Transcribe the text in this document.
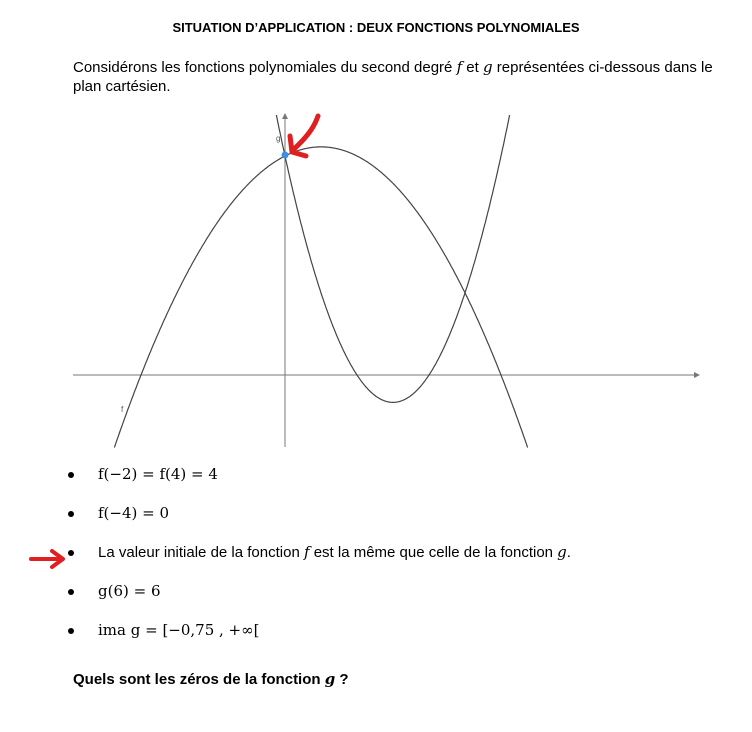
SITUATION D’APPLICATION : DEUX FONCTIONS POLYNOMIALES
Considérons les fonctions polynomiales du second degré f et g représentées ci-dessous dans le plan cartésien.
f
g
f(−2) = f(4) = 4
f(−4) = 0
La valeur initiale de la fonction f est la même que celle de la fonction g.
g(6) = 6
ima g = [−0,75 , +∞[
Quels sont les zéros de la fonction g ?
